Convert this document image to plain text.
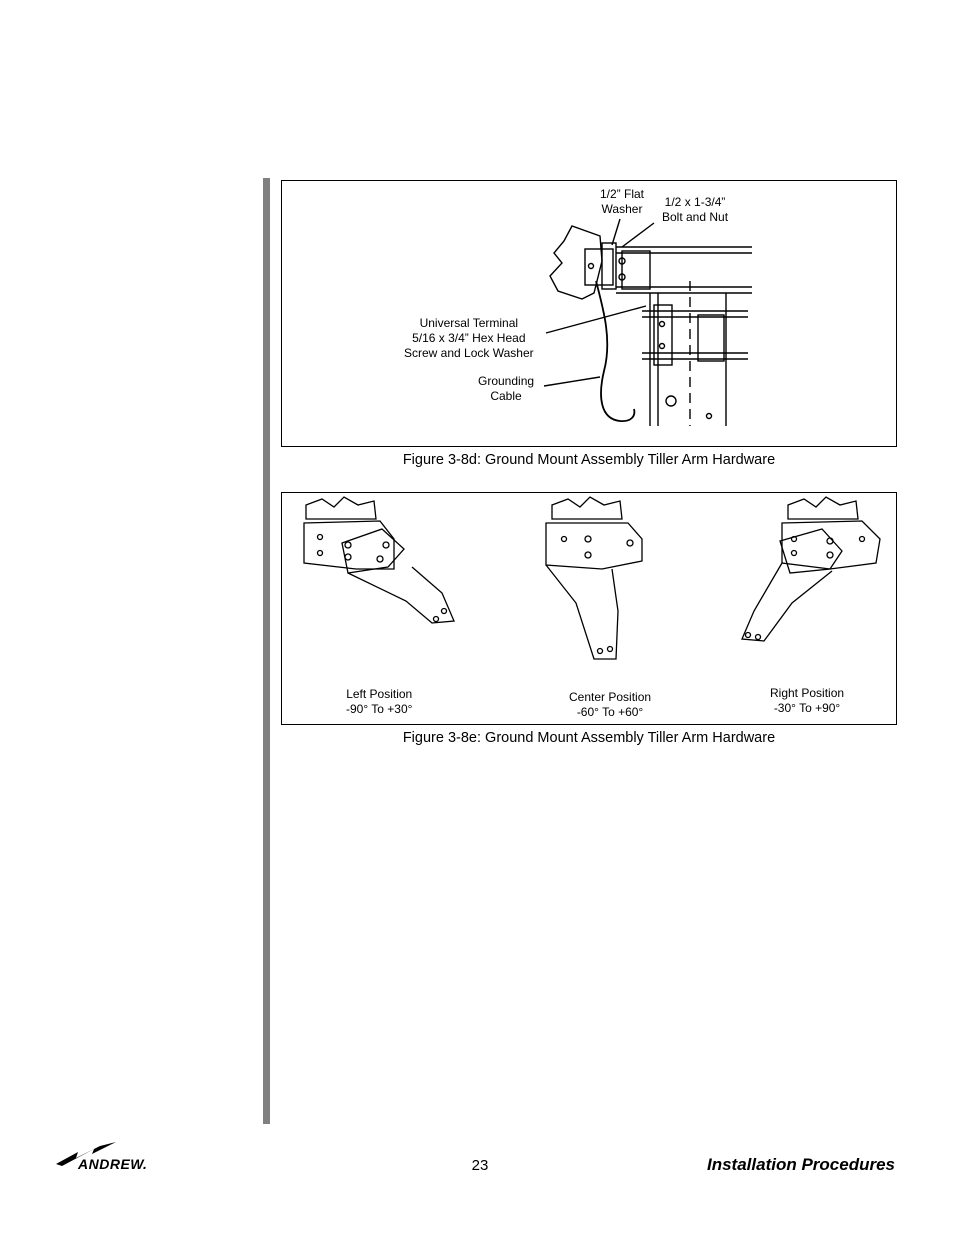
1/2” Flat
Washer 1/2 x 1-3/4”
Bolt and Nut
Universal Terminal
5/16 x 3/4” Hex Head
Screw and Lock Washer
Grounding
Cable
Figure 3-8d: Ground Mount Assembly Tiller Arm Hardware
Left Position
-90° To +30°
Center Position
-60° To +60°
Right Position
-30° To +90°
Figure 3-8e: Ground Mount Assembly Tiller Arm Hardware
ANDREW.	23	Installation Procedures
